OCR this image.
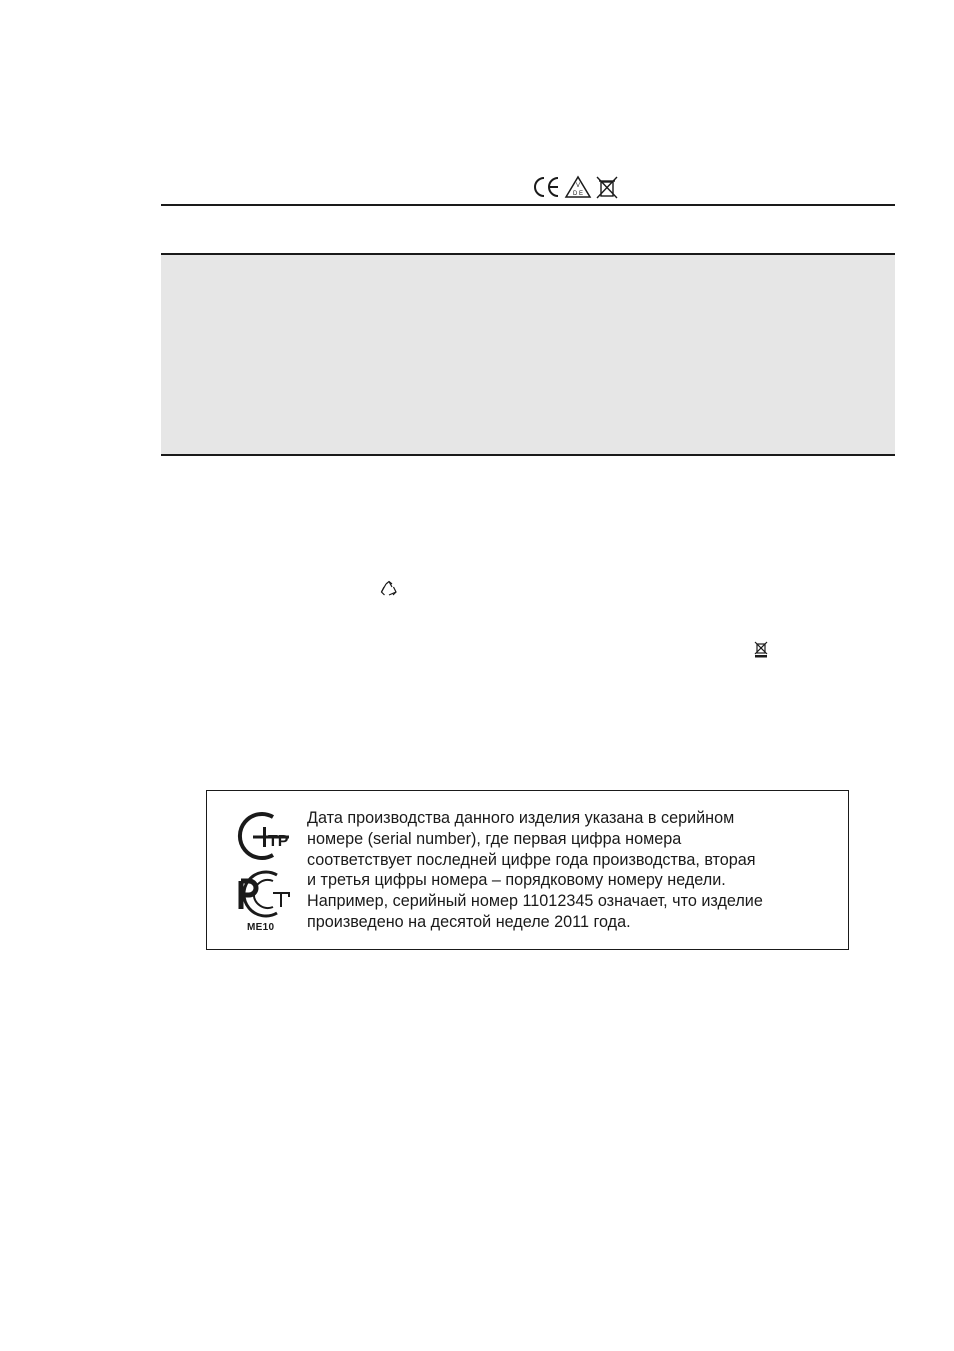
V
D E
ТР
ME10

Дата производства данного изделия указана в серийном
номере (serial number), где первая цифра номера
соответствует последней цифре года производства, вторая
и третья цифры номера – порядковому номеру недели.
Например, серийный номер 11012345 означает, что изделие
произведено на десятой неделе 2011 года.
